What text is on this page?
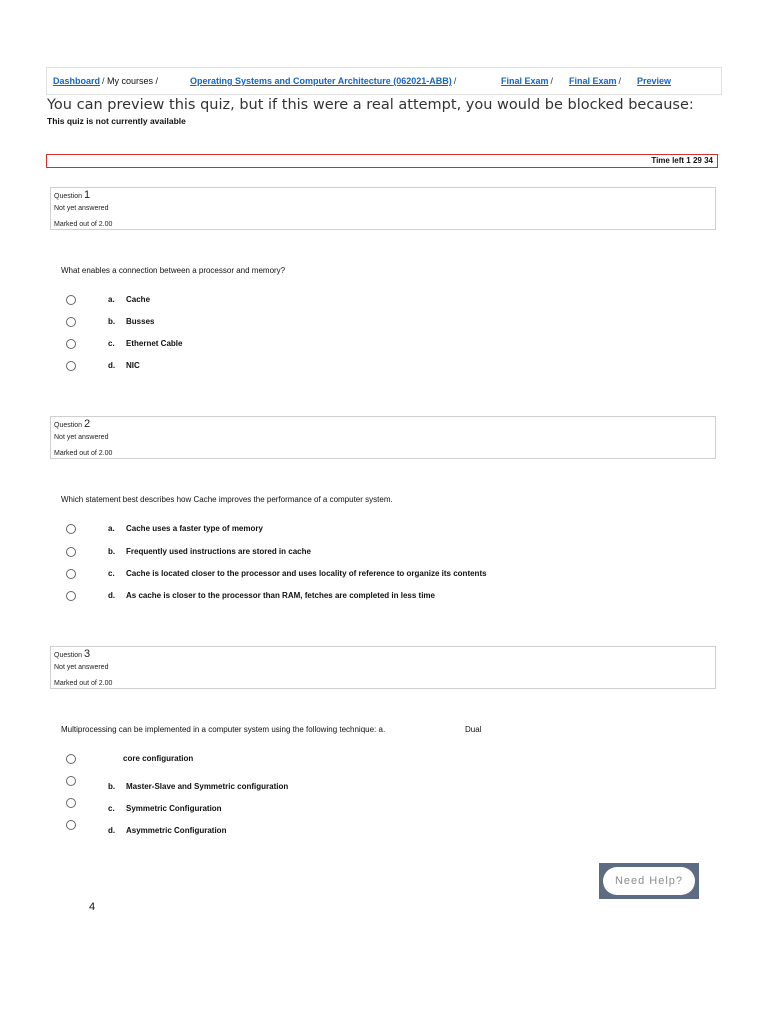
Dashboard / My courses /	Operating Systems and Computer Architecture (062021-ABB) /	Final Exam / Final Exam / Preview
You can preview this quiz, but if this were a real attempt, you would be blocked because:
This quiz is not currently available
Time left 1 29 34
Question 1
Not yet answered
Marked out of 2.00
What enables a connection between a processor and memory?
a. Cache
b. Busses
c. Ethernet Cable
d. NIC
Question 2
Not yet answered
Marked out of 2.00
Which statement best describes how Cache improves the performance of a computer system.
a. Cache uses a faster type of memory
b. Frequently used instructions are stored in cache
c. Cache is located closer to the processor and uses locality of reference to organize its contents
d. As cache is closer to the processor than RAM, fetches are completed in less time
Question 3
Not yet answered
Marked out of 2.00
Multiprocessing can be implemented in a computer system using the following technique: a.	Dual
core configuration
b. Master-Slave and Symmetric configuration
c. Symmetric Configuration
d. Asymmetric Configuration
Need Help?
4
